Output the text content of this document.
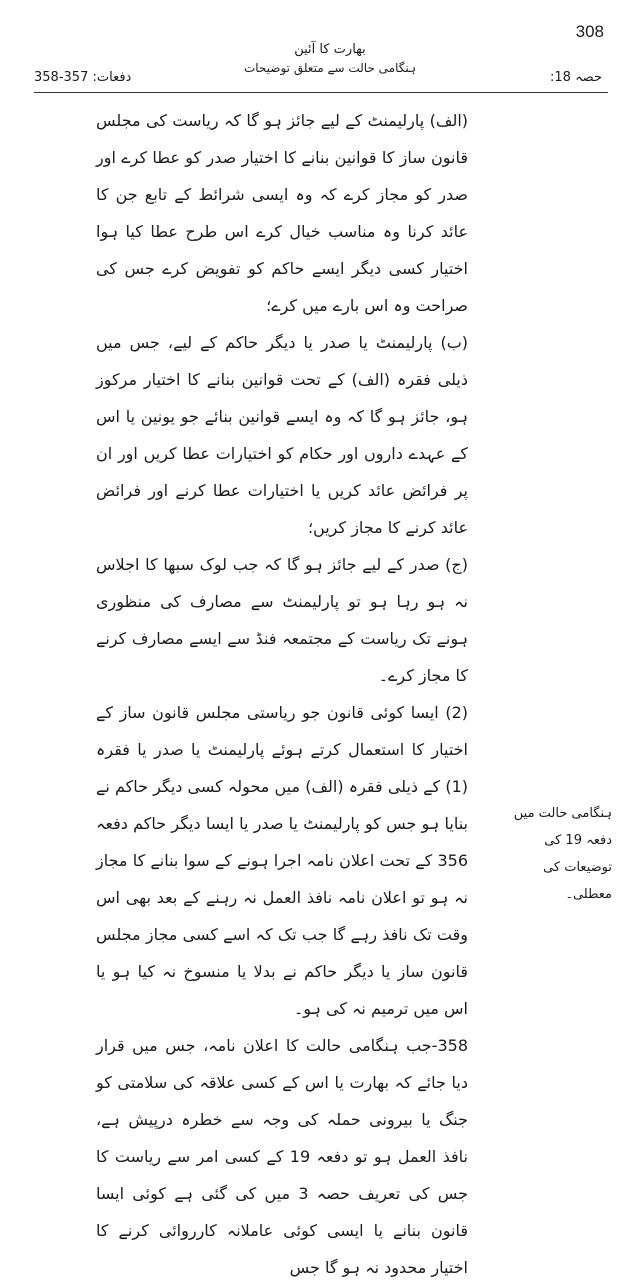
308
حصہ 18:
بھارت کا آئین
ہنگامی حالت سے متعلق توضیحات
دفعات: 357-358

(الف) پارلیمنٹ کے لیے جائز ہو گا کہ ریاست کی مجلس قانون ساز کا قوانین بنانے کا اختیار صدر کو عطا کرے اور صدر کو مجاز کرے کہ وہ ایسی شرائط کے تابع جن کا عائد کرنا وہ مناسب خیال کرے اس طرح عطا کیا ہوا اختیار کسی دیگر ایسے حاکم کو تفویض کرے جس کی صراحت وہ اس بارے میں کرے؛

(ب) پارلیمنٹ یا صدر یا دیگر حاکم کے لیے، جس میں ذیلی فقرہ (الف) کے تحت قوانین بنانے کا اختیار مرکوز ہو، جائز ہو گا کہ وہ ایسے قوانین بنائے جو یونین یا اس کے عہدے داروں اور حکام کو اختیارات عطا کریں اور ان پر فرائض عائد کریں یا اختیارات عطا کرنے اور فرائض عائد کرنے کا مجاز کریں؛

(ج) صدر کے لیے جائز ہو گا کہ جب لوک سبھا کا اجلاس نہ ہو رہا ہو تو پارلیمنٹ سے مصارف کی منظوری ہونے تک ریاست کے مجتمعہ فنڈ سے ایسے مصارف کرنے کا مجاز کرے۔

(2) ایسا کوئی قانون جو ریاستی مجلس قانون ساز کے اختیار کا استعمال کرتے ہوئے پارلیمنٹ یا صدر یا فقرہ (1) کے ذیلی فقرہ (الف) میں محولہ کسی دیگر حاکم نے بنایا ہو جس کو پارلیمنٹ یا صدر یا ایسا دیگر حاکم دفعہ 356 کے تحت اعلان نامہ اجرا ہونے کے سوا بنانے کا مجاز نہ ہو تو اعلان نامہ نافذ العمل نہ رہنے کے بعد بھی اس وقت تک نافذ رہے گا جب تک کہ اسے کسی مجاز مجلس قانون ساز یا دیگر حاکم نے بدلا یا منسوخ نہ کیا ہو یا اس میں ترمیم نہ کی ہو۔

358-جب ہنگامی حالت کا اعلان نامہ، جس میں قرار دیا جائے کہ بھارت یا اس کے کسی علاقہ کی سلامتی کو جنگ یا بیرونی حملہ کی وجہ سے خطرہ درپیش ہے، نافذ العمل ہو تو دفعہ 19 کے کسی امر سے ریاست کا جس کی تعریف حصہ 3 میں کی گئی ہے کوئی ایسا قانون بنانے یا ایسی کوئی عاملانہ کارروائی کرنے کا اختیار محدود نہ ہو گا جس

ہنگامی حالت میں دفعہ 19 کی توضیعات کی معطلی۔
